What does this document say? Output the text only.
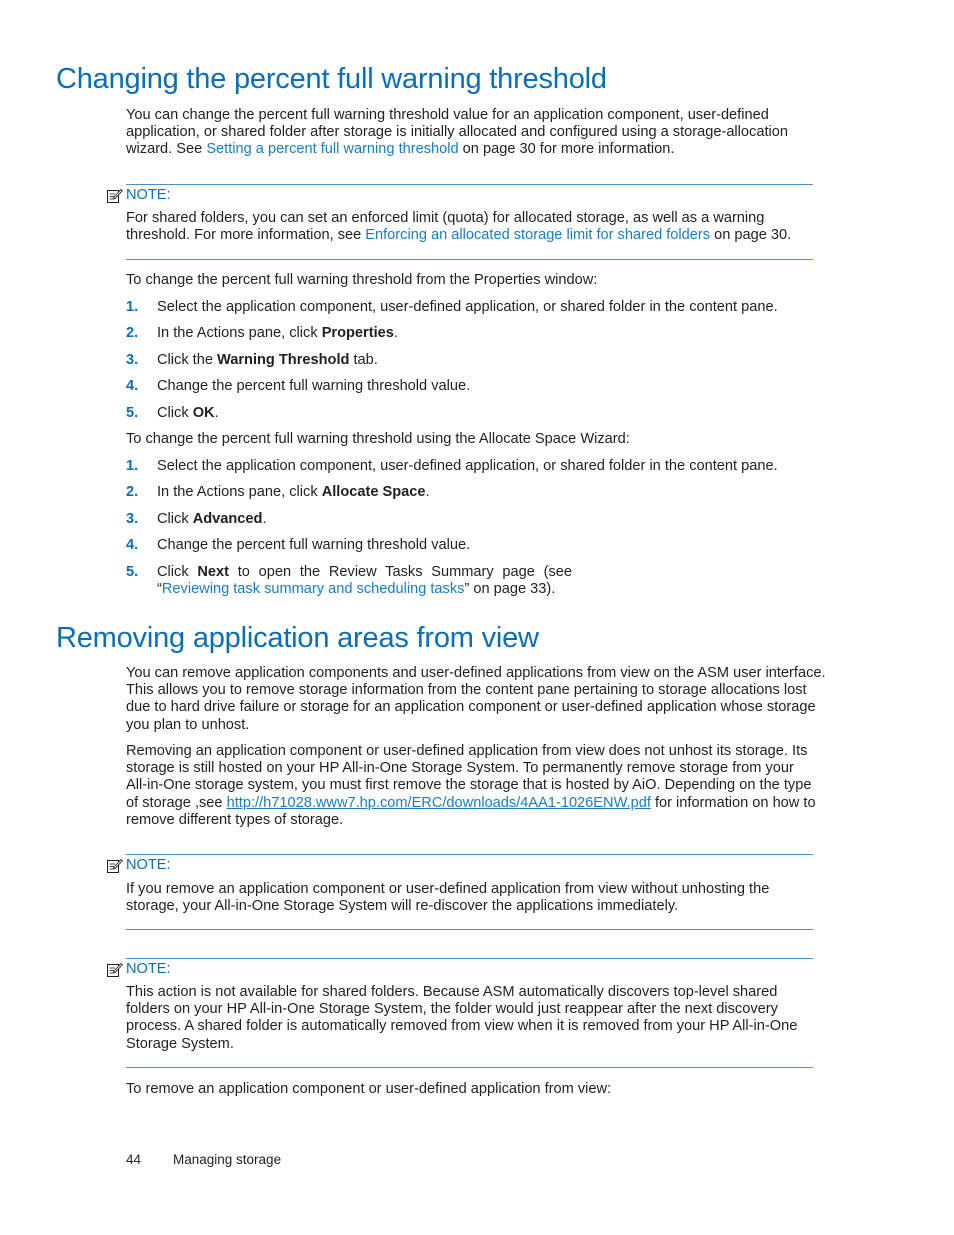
Changing the percent full warning threshold

You can change the percent full warning threshold value for an application component, user-defined application, or shared folder after storage is initially allocated and configured using a storage-allocation wizard. See Setting a percent full warning threshold on page 30 for more information.

NOTE:

For shared folders, you can set an enforced limit (quota) for allocated storage, as well as a warning threshold. For more information, see Enforcing an allocated storage limit for shared folders on page 30.

To change the percent full warning threshold from the Properties window:

1. Select the application component, user-defined application, or shared folder in the content pane.
2. In the Actions pane, click Properties.
3. Click the Warning Threshold tab.
4. Change the percent full warning threshold value.
5. Click OK.

To change the percent full warning threshold using the Allocate Space Wizard:

1. Select the application component, user-defined application, or shared folder in the content pane.
2. In the Actions pane, click Allocate Space.
3. Click Advanced.
4. Change the percent full warning threshold value.
5. Click Next to open the Review Tasks Summary page (see
“Reviewing task summary and scheduling tasks” on page 33).
Removing application areas from view

You can remove application components and user-defined applications from view on the ASM user interface. This allows you to remove storage information from the content pane pertaining to storage allocations lost due to hard drive failure or storage for an application component or user-defined application whose storage you plan to unhost.

Removing an application component or user-defined application from view does not unhost its storage. Its storage is still hosted on your HP All-in-One Storage System. To permanently remove storage from your All-in-One storage system, you must first remove the storage that is hosted by AiO. Depending on the type of storage ,see http://h71028.www7.hp.com/ERC/downloads/4AA1-1026ENW.pdf for information on how to remove different types of storage.

NOTE:

If you remove an application component or user-defined application from view without unhosting the storage, your All-in-One Storage System will re-discover the applications immediately.

NOTE:

This action is not available for shared folders. Because ASM automatically discovers top-level shared folders on your HP All-in-One Storage System, the folder would just reappear after the next discovery process. A shared folder is automatically removed from view when it is removed from your HP All-in-One Storage System.

To remove an application component or user-defined application from view:

44 Managing storage
